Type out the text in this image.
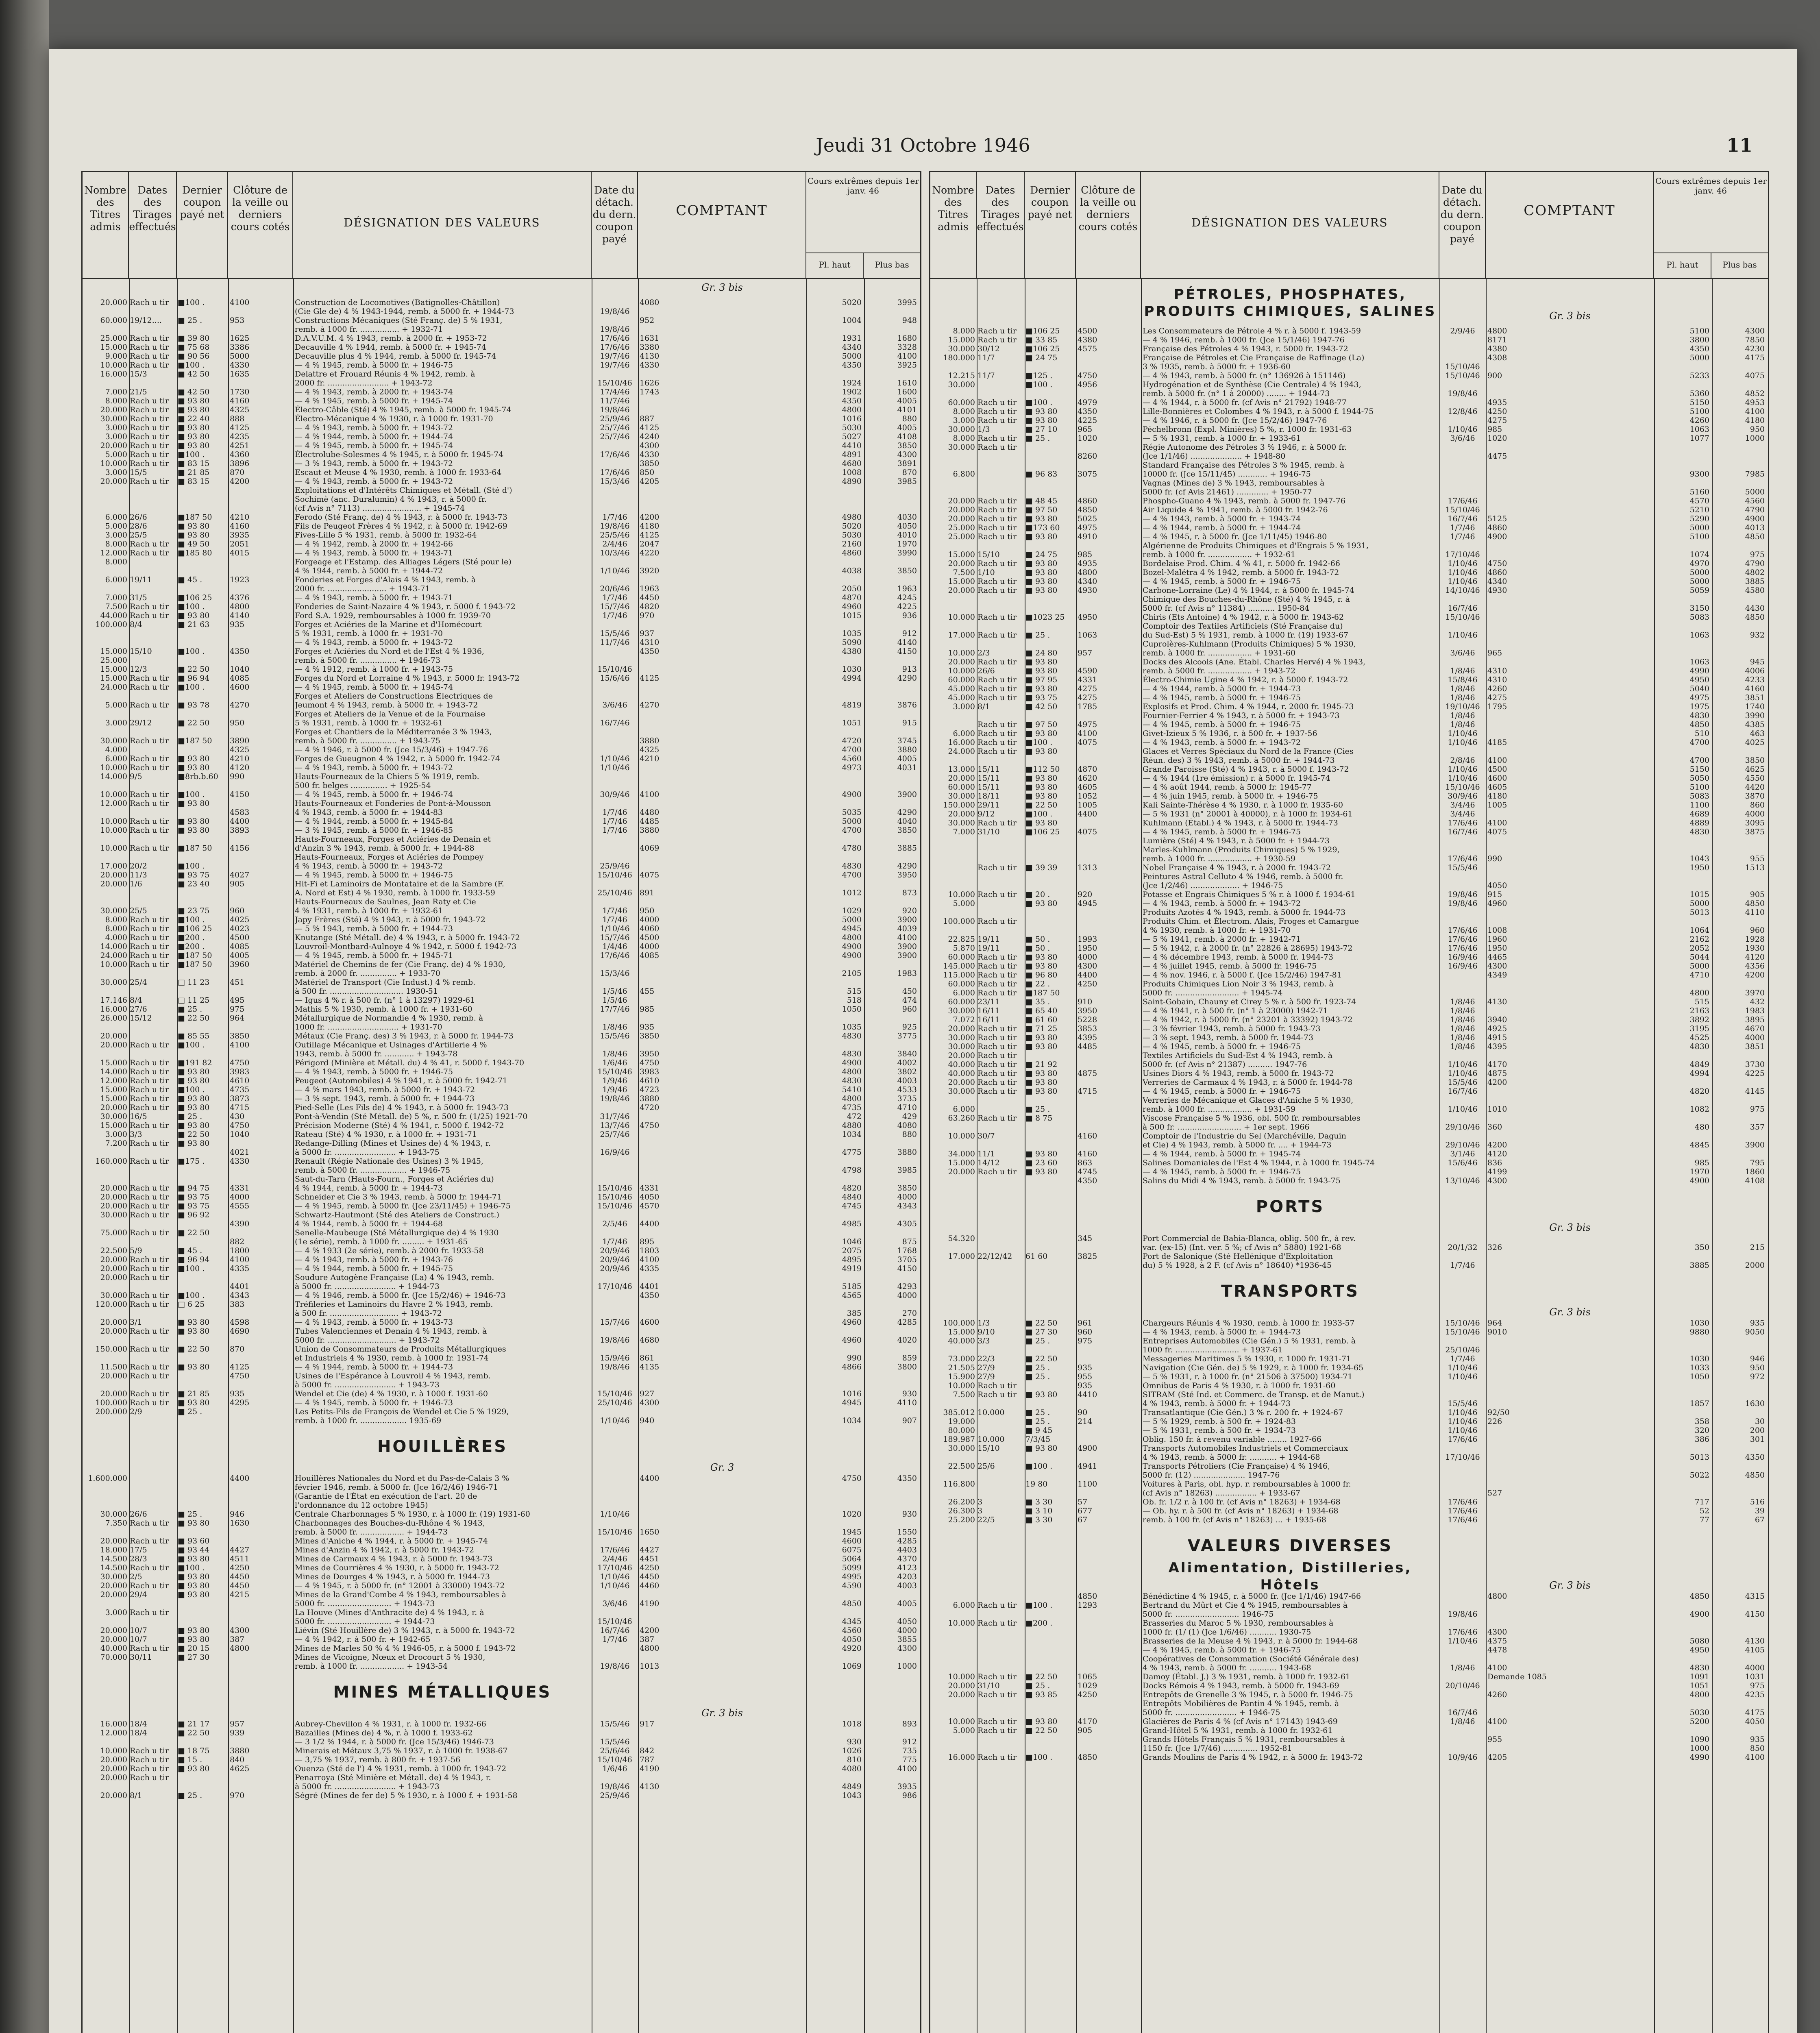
Jeudi 31 Octobre 1946	11
Nombre des Titres admis
Dates des Tirages effectués
Dernier coupon payé net
Clôture de la veille ou derniers cours cotés	DÉSIGNATION DES VALEURS
Date du détach. du dern. coupon payé
COMPTANT
Cours extrêmes depuis 1er janv. 46
Pl. haut	Plus bas
Gr. 3 bis
20.000 Rach u tir	■100 .	4100	Construction de Locomotives (Batignolles-Châtillon)	4080	5020	3995
(Cie Gle de) 4 % 1943-1944, remb. à 5000 fr. + 1944-73	19/8/46
60.000 19/12....	■ 25 .	953	Constructions Mécaniques (Sté Franç. de) 5 % 1931,	952	1004	948
remb. à 1000 fr. ................ + 1932-71	19/8/46
25.000 Rach u tir	■ 39 80	1625	D.A.V.U.M. 4 % 1943, remb. à 2000 fr. + 1953-72	17/6/46	1631	1931	1680
15.000 Rach u tir	■ 75 68	3386	Decauville 4 % 1944, remb. à 5000 fr. + 1945-74	17/6/46	3380	4340	3328
9.000 Rach u tir	■ 90 56	5000	Decauville plus 4 % 1944, remb. à 5000 fr. 1945-74	19/7/46	4130	5000	4100
10.000 Rach u tir	■100 .	4330	— 4 % 1945, remb. à 5000 fr. + 1946-75	19/7/46	4330	4350	3925
16.000 15/3	■ 42 50	1635	Delattre et Frouard Réunis 4 % 1942, remb. à
2000 fr. ......................... + 1943-72	15/10/46 1626	1924	1610
7.000 21/5	■ 42 50	1730	— 4 % 1943, remb. à 2000 fr. + 1943-74	17/4/46	1743	1902	1600
8.000 Rach u tir	■ 93 80	4160	— 4 % 1945, remb. à 5000 fr. + 1945-74	11/7/46	4350	4005
20.000 Rach u tir	■ 93 80	4325	Électro-Câble (Sté) 4 % 1945, remb. à 5000 fr. 1945-74	19/8/46	4800	4101
30.000 Rach u tir	■ 22 40	888	Électro-Mécanique 4 % 1930, r. à 1000 fr. 1931-70	25/9/46	887	1016	880
3.000 Rach u tir	■ 93 80	4125	— 4 % 1943, remb. à 5000 fr. + 1943-72	25/7/46	4125	5030	4005
3.000 Rach u tir	■ 93 80	4235	— 4 % 1944, remb. à 5000 fr. + 1944-74	25/7/46	4240	5027	4108
20.000 Rach u tir	■ 93 80	4251	— 4 % 1945, remb. à 5000 fr. + 1945-74	4300	4410	3850
5.000 Rach u tir	■100 .	4360	Électrolube-Solesmes 4 % 1945, r. à 5000 fr. 1945-74	17/6/46	4330	4891	4300
10.000 Rach u tir	■ 83 15	3896	— 3 % 1943, remb. à 5000 fr. + 1943-72	3850	4680	3891
3.000 15/5	■ 21 85	870	Escaut et Meuse 4 % 1930, remb. à 1000 fr. 1933-64	17/6/46	850	1008	870
20.000 Rach u tir	■ 83 15	4200	— 4 % 1943, remb. à 5000 fr. + 1943-72	15/3/46	4205	4890	3985
Exploitations et d'Intérêts Chimiques et Métall. (Sté d')
Sochimè (anc. Duralumin) 4 % 1943, r. à 5000 fr.
(cf Avis n° 7113) ........................ + 1945-74
6.000 26/6	■187 50	4210	Ferodo (Sté Franç. de) 4 % 1943, r. à 5000 fr. 1943-73	1/7/46	4200	4980	4030
5.000 28/6	■ 93 80	4160	Fils de Peugeot Frères 4 % 1942, r. à 5000 fr. 1942-69	19/8/46	4180	5020	4050
3.000 25/5	■ 93 80	3935	Fives-Lille 5 % 1931, remb. à 5000 fr. 1932-64	25/5/46	4125	5030	4010
8.000 Rach u tir	■ 49 50	2051	— 4 % 1942, remb. à 2000 fr. + 1942-66	2/4/46	2047	2160	1970
12.000 Rach u tir	■185 80	4015	— 4 % 1943, remb. à 5000 fr. + 1943-71	10/3/46	4220	4860	3990
8.000	Forgeage et l'Estamp. des Alliages Légers (Sté pour le)
4 % 1944, remb. à 5000 fr. + 1944-72	1/10/46	3920	4038	3850
6.000 19/11	■ 45 .	1923	Fonderies et Forges d'Alais 4 % 1943, remb. à
2000 fr. ........................ + 1943-71	20/6/46	1963	2050	1963
7.000 31/5	■106 25	4376	— 4 % 1943, remb. à 5000 fr. + 1943-71	1/7/46	4450	4870	4245
7.500 Rach u tir	■100 .	4800	Fonderies de Saint-Nazaire 4 % 1943, r. 5000 f. 1943-72	15/7/46	4820	4960	4225
44.000 Rach u tir	■ 93 80	4140	Ford S.A. 1929, remboursables à 1000 fr. 1939-70	1/7/46	970	1015	936
100.000 8/4	■ 21 63	935	Forges et Aciéries de la Marine et d'Homécourt
5 % 1931, remb. à 1000 fr. + 1931-70	15/5/46	937	1035	912
— 4 % 1943, remb. à 5000 fr. + 1943-72	11/7/46	4310	5090	4140
15.000 15/10	■100 .	4350	Forges et Aciéries du Nord et de l'Est 4 % 1936,	4350	4380	4150
25.000	remb. à 5000 fr. ............... + 1946-73
15.000 12/3	■ 22 50	1040	— 4 % 1912, remb. à 1000 fr. + 1943-75	15/10/46	1030	913
15.000 Rach u tir	■ 96 94	4085	Forges du Nord et Lorraine 4 % 1943, r. 5000 fr. 1943-72	15/6/46	4125	4994	4290
24.000 Rach u tir	■100 .	4600	— 4 % 1945, remb. à 5000 fr. + 1945-74
Forges et Ateliers de Constructions Électriques de
5.000 Rach u tir	■ 93 78	4270	Jeumont 4 % 1943, remb. à 5000 fr. + 1943-72	3/6/46	4270	4819	3876
Forges et Ateliers de la Venue et de la Fournaise
3.000 29/12	■ 22 50	950	5 % 1931, remb. à 1000 fr. + 1932-61	16/7/46	1051	915
Forges et Chantiers de la Méditerranée 3 % 1943,
30.000 Rach u tir	■187 50	3890	remb. à 5000 fr. ............... + 1943-75	3880	4720	3745
4.000	4325	— 4 % 1946, r. à 5000 fr. (Jce 15/3/46) + 1947-76	4325	4700	3880
6.000 Rach u tir	■ 93 80	4210	Forges de Gueugnon 4 % 1942, r. à 5000 fr. 1942-74	1/10/46	4210	4560	4005
10.000 Rach u tir	■ 93 80	4120	— 4 % 1943, remb. à 5000 fr. + 1943-72	1/10/46	4973	4031
14.000 9/5	■8rb.b.60	990	Hauts-Fourneaux de la Chiers 5 % 1919, remb.
500 fr. belges ............... + 1925-54
10.000 Rach u tir	■100 .	4150	— 4 % 1945, remb. à 5000 fr. + 1946-74	30/9/46	4100	4900	3900
12.000 Rach u tir	■ 93 80	Hauts-Fourneaux et Fonderies de Pont-à-Mousson
4583	4 % 1943, remb. à 5000 fr. + 1944-83	1/7/46	4480	5035	4290
10.000 Rach u tir	■ 93 80	4400	— 4 % 1944, remb. à 5000 fr. + 1945-84	1/7/46	4485	5000	4040
10.000 Rach u tir	■ 93 80	3893	— 3 % 1945, remb. à 5000 fr. + 1946-85	1/7/46	3880	4700	3850
Hauts-Fourneaux, Forges et Aciéries de Denain et
10.000 Rach u tir	■187 50	4156	d'Anzin 3 % 1943, remb. à 5000 fr. + 1944-88	4069	4780	3885
Hauts-Fourneaux, Forges et Aciéries de Pompey
17.000 20/2	■100 .	4 % 1943, remb. à 5000 fr. + 1943-72	25/9/46	4830	4290
20.000 11/3	■ 93 75	4027	— 4 % 1945, remb. à 5000 fr. + 1946-75	15/10/46 4075	4700	3950
20.000 1/6	■ 23 40	905	Hit-Fi et Laminoirs de Montataire et de la Sambre (F.
A. Nord et Est) 4 % 1930, remb. à 1000 fr. 1933-59	25/10/46 891	1012	873
Hauts-Fourneaux de Saulnes, Jean Raty et Cie
30.000 25/5	■ 23 75	960	4 % 1931, remb. à 1000 fr. + 1932-61	1/7/46	950	1029	920
8.000 Rach u tir	■100 .	4025	Japy Frères (Sté) 4 % 1943, r. à 5000 fr. 1943-72	1/7/46	4000	5000	3900
8.000 Rach u tir	■106 25	4023	— 5 % 1943, remb. à 5000 fr. + 1944-73	1/10/46	4060	4945	4039
4.000 Rach u tir	■200 .	4500	Knutange (Sté Métall. de) 4 % 1943, r. à 5000 fr. 1943-72	15/7/46	4500	4800	4100
14.000 Rach u tir	■200 .	4085	Louvroil-Montbard-Aulnoye 4 % 1942, r. 5000 f. 1942-73	1/4/46	4000	4900	3900
24.000 Rach u tir	■187 50	4005	— 4 % 1945, remb. à 5000 fr. + 1945-71	17/6/46	4085	4900	3900
10.000 Rach u tir	■187 50	3960	Matériel de Chemins de fer (Cie Franç. de) 4 % 1930,
remb. à 2000 fr. ............... + 1933-70	15/3/46	2105	1983
30.000 25/4	□ 11 23	451	Matériel de Transport (Cie Indust.) 4 % remb.
à 500 fr. .............................. 1930-51	1/5/46	455	515	450
17.146 8/4	□ 11 25	495	— Igus 4 % r. à 500 fr. (n° 1 à 13297) 1929-61	1/5/46	518	474
16.000 27/6	■ 25 .	975	Mathis 5 % 1930, remb. à 1000 fr. + 1931-60	17/7/46	985	1050	960
26.000 15/12	■ 22 50	964	Métallurgique de Normandie 4 % 1930, remb. à
1000 fr. ............................. + 1931-70	1/8/46	935	1035	925
20.000	■ 85 55	3850	Métaux (Cie Franç. des) 3 % 1943, r. à 5000 fr. 1944-73	15/5/46	3850	4830	3775
20.000 Rach u tir	■100 .	4100	Outillage Mécanique et Usinages d'Artillerie 4 %
1943, remb. à 5000 fr. ............ + 1943-78	1/8/46	3950	4830	3840
15.000 Rach u tir	■191 82	4750	Périgord (Minière et Métall. du) 4 % 41, r. 5000 f. 1943-70	1/6/46	4750	4900	4002
14.000 Rach u tir	■ 93 80	3983	— 4 % 1943, remb. à 5000 fr. + 1946-75	15/10/46 3983	4800	3802
12.000 Rach u tir	■ 93 80	4610	Peugeot (Automobiles) 4 % 1941, r. à 5000 fr. 1942-71	1/9/46	4610	4830	4003
15.000 Rach u tir	■100 .	4735	— 4 % mars 1943, remb. à 5000 fr. + 1943-72	1/9/46	4723	5410	4533
15.000 Rach u tir	■ 93 80	3873	— 3 % sept. 1943, remb. à 5000 fr. + 1944-73	19/8/46	3880	4800	3735
20.000 Rach u tir	■ 93 80	4715	Pied-Selle (Les Fils de) 4 % 1943, r. à 5000 fr. 1943-73	4720	4735	4710
30.000 16/5	■ 25 .	430	Pont-à-Vendin (Sté Métall. de) 5 %, r. 500 fr. (1/25) 1921-70	31/7/46	472	429
15.000 Rach u tir	■ 93 80	4750	Précision Moderne (Sté) 4 % 1941, r. 5000 f. 1942-72	13/7/46	4750	4880	4080
3.000 3/3	■ 22 50	1040	Rateau (Sté) 4 % 1930, r. à 1000 fr. + 1931-71	25/7/46	1034	880
7.200 Rach u tir	■ 93 80	Redange-Dilling (Mines et Usines de) 4 % 1943, r.
4021	à 5000 fr. ......................... + 1943-75	16/9/46	4775	3880
160.000 Rach u tir	■175 .	4330	Renault (Régie Nationale des Usines) 3 % 1945,
remb. à 5000 fr. ................... + 1946-75	4798	3985
Saut-du-Tarn (Hauts-Fourn., Forges et Aciéries du)
20.000 Rach u tir	■ 94 75	4331	4 % 1944, remb. à 5000 fr. + 1944-73	15/10/46 4331	4820	3850
20.000 Rach u tir	■ 93 75	4000	Schneider et Cie 3 % 1943, remb. à 5000 fr. 1944-71	15/10/46 4050	4840	4000
20.000 Rach u tir	■ 93 75	4555	— 4 % 1945, remb. à 5000 fr. (Jce 23/11/45) + 1946-75	15/10/46 4570	4745	4343
30.000 Rach u tir	■ 96 92	Schwartz-Hautmont (Sté des Ateliers de Construct.)
4390	4 % 1944, remb. à 5000 fr. + 1944-68	2/5/46	4400	4985	4305
75.000 Rach u tir	■ 22 50	Senelle-Maubeuge (Sté Métallurgique de) 4 % 1930
882	(1e série), remb. à 1000 fr. ......... + 1931-65	1/7/46	895	1046	875
22.500 5/9	■ 45 .	1800	— 4 % 1933 (2e série), remb. à 2000 fr. 1933-58	20/9/46	1803	2075	1768
20.000 Rach u tir	■ 96 94	4100	— 4 % 1943, remb. à 5000 fr. + 1943-76	20/9/46	4100	4895	3705
20.000 Rach u tir	■100 .	4335	— 4 % 1944, remb. à 5000 fr. + 1945-75	20/9/46	4335	4919	4150
20.000 Rach u tir	Soudure Autogène Française (La) 4 % 1943, remb.
4401	à 5000 fr. ......................... + 1944-73	17/10/46 4401	5185	4293
30.000 Rach u tir	■100 .	4343	— 4 % 1946, remb. à 5000 fr. (Jce 15/2/46) + 1946-73	4350	4565	4000
120.000 Rach u tir	□ 6 25	383	Tréfileries et Laminoirs du Havre 2 % 1943, remb.
à 500 fr. ............................ + 1943-72	385	270
20.000 3/1	■ 93 80	4598	— 4 % 1943, remb. à 5000 fr. + 1943-73	15/7/46	4600	4960	4285
20.000 Rach u tir	■ 93 80	4690	Tubes Valenciennes et Denain 4 % 1943, remb. à
5000 fr. ............................ + 1943-72	19/8/46	4680	4960	4020
150.000 Rach u tir	■ 22 50	870	Union de Consommateurs de Produits Métallurgiques
et Industriels 4 % 1930, remb. à 1000 fr. 1931-74	15/9/46	861	990	859
11.500 Rach u tir	■ 93 80	4125	— 4 % 1944, remb. à 5000 fr. + 1944-73	19/8/46	4135	4866	3800
20.000 Rach u tir	4750	Usines de l'Espérance à Louvroil 4 % 1943, remb.
à 5000 fr. ......................... + 1943-73
20.000 Rach u tir	■ 21 85	935	Wendel et Cie (de) 4 % 1930, r. à 1000 f. 1931-60	15/10/46 927	1016	930
100.000 Rach u tir	■ 93 80	4295	— 4 % 1945, remb. à 5000 fr. + 1946-73	25/10/46 4300	4945	4110
200.000 2/9	■ 25 .	Les Petits-Fils de François de Wendel et Cie 5 % 1929,
remb. à 1000 fr. ................... 1935-69	1/10/46	940	1034	907
HOUILLÈRES
Gr. 3
1.600.000	4400	Houillères Nationales du Nord et du Pas-de-Calais 3 %	4400	4750	4350
février 1946, remb. à 5000 fr. (Jce 16/2/46) 1946-71
(Garantie de l'État en exécution de l'art. 20 de
l'ordonnance du 12 octobre 1945)
30.000 26/6	■ 25 .	946	Centrale Charbonnages 5 % 1930, r. à 1000 fr. (19) 1931-60	1/10/46	1020	930
7.350 Rach u tir	■ 93 80	1630	Charbonnages des Bouches-du-Rhône 4 % 1943,
remb. à 5000 fr. .................. + 1944-73	15/10/46 1650	1945	1550
20.000 Rach u tir	■ 93 60	Mines d'Aniche 4 % 1944, r. à 5000 fr. + 1945-74	4600	4285
18.000 17/5	■ 93 44	4427	Mines d'Anzin 4 % 1942, r. à 5000 fr. 1943-72	17/6/46	4427	6075	4403
14.500 28/3	■ 93 80	4511	Mines de Carmaux 4 % 1943, r. à 5000 fr. 1943-73	2/4/46	4451	5064	4370
14.500 Rach u tir	■100 .	4250	Mines de Courrières 4 % 1930, r. à 5000 fr. 1943-72	17/10/46 4250	5099	4123
30.000 2/5	■ 93 80	4450	Mines de Dourges 4 % 1943, r. à 5000 fr. 1944-73	1/10/46	4450	4995	4203
20.000 Rach u tir	■ 93 80	4450	— 4 % 1945, r. à 5000 fr. (n° 12001 à 33000) 1943-72	1/10/46	4460	4590	4003
20.000 29/4	■ 93 80	4215	Mines de la Grand'Combe 4 % 1943, remboursables à
5000 fr. .......................... + 1943-73	3/6/46	4190	4850	4005
3.000 Rach u tir	La Houve (Mines d'Anthracite de) 4 % 1943, r. à
5000 fr. .......................... + 1944-73	15/10/46	4345	4050
20.000 10/7	■ 93 80	4300	Liévin (Sté Houillère de) 3 % 1943, r. à 5000 fr. 1943-72	16/7/46	4200	4560	4000
20.000 10/7	■ 93 80	387	— 4 % 1942, r. à 500 fr. + 1942-65	1/7/46	387	4050	3855
40.000 Rach u tir	■ 20 15	4800	Mines de Marles 50 % 4 % 1946-05, r. à 5000 f. 1943-72	4800	4920	4300
70.000 30/11	■ 27 30	Mines de Vicoigne, Nœux et Drocourt 5 % 1930,
remb. à 1000 fr. .................. + 1943-54	19/8/46	1013	1069	1000
MINES MÉTALLIQUES
Gr. 3 bis
16.000 18/4	■ 21 17	957	Aubrey-Chevillon 4 % 1931, r. à 1000 fr. 1932-66	15/5/46	917	1018	893
12.000 18/4	■ 22 50	939	Bazailles (Mines de) 4 %, r. à 1000 f. 1933-62
— 3 1/2 % 1944, r. à 5000 fr. (Jce 15/3/46) 1946-73	15/5/46	930	912
10.000 Rach u tir	■ 18 75	3880	Minerais et Métaux 3,75 % 1937, r. à 1000 fr. 1938-67	25/6/46	842	1026	735
20.000 Rach u tir	■ 15 .	840	— 3,75 % 1937, remb. à 800 fr. + 1937-56	15/10/46 787	810	775
20.000 Rach u tir	■ 93 80	4625	Ouenza (Sté de l') 4 % 1931, remb. à 1000 fr. 1943-72	1/6/46	4190	4080	4100
20.000 Rach u tir	Penarroya (Sté Minière et Métall. de) 4 % 1943, r.
à 5000 fr. ......................... + 1943-73	19/8/46	4130	4849	3935
20.000 8/1	■ 25 .	970	Ségré (Mines de fer de) 5 % 1930, r. à 1000 f. + 1931-58	25/9/46	1043	986
Nombre des Titres admis
Dates des Tirages effectués
Dernier coupon payé net
Clôture de la veille ou derniers cours cotés	DÉSIGNATION DES VALEURS
Date du détach. du dern. coupon payé
COMPTANT
Cours extrêmes depuis 1er janv. 46
Pl. haut	Plus bas
PÉTROLES, PHOSPHATES, PRODUITS CHIMIQUES, SALINES	Gr. 3 bis
8.000 Rach u tir	■106 25	4500	Les Consommateurs de Pétrole 4 % r. à 5000 f. 1943-59	2/9/46	4800	5100	4300
15.000 Rach u tir	■ 33 85	4380	— 4 % 1946, remb. à 1000 fr. (Jce 15/1/46) 1947-76	8171	3800	7850
30.000 30/12	■106 25	4575	Française des Pétroles 4 % 1943, r. 5000 fr. 1943-72	4380	4350	4230
180.000 11/7	■ 24 75	Française de Pétroles et Cie Française de Raffinage (La)	4308	5000	4175
3 % 1935, remb. à 5000 fr. + 1936-60	15/10/46
12.215 11/7	■125 .	4750	— 4 % 1943, remb. à 5000 fr. (n° 136926 à 151146)	15/10/46 900	5233	4075
30.000	■100 .	4956	Hydrogénation et de Synthèse (Cie Centrale) 4 % 1943,
remb. à 5000 fr. (n° 1 à 20000) ........ + 1944-73	19/8/46	5360	4852
60.000 Rach u tir	■100 .	4979	— 4 % 1944, r. à 5000 fr. (cf Avis n° 21792) 1948-77	4935	5150	4953
8.000 Rach u tir	■ 93 80	4350	Lille-Bonnières et Colombes 4 % 1943, r. à 5000 f. 1944-75	12/8/46	4250	5100	4100
3.000 Rach u tir	■ 93 80	4225	— 4 % 1946, r. à 5000 fr. (Jce 15/2/46) 1947-76	4275	4260	4180
30.000 1/3	■ 27 10	965	Péchelbronn (Expl. Minières) 5 %, r. 1000 fr. 1931-63	1/10/46	985	1063	950
8.000 Rach u tir	■ 25 .	1020	— 5 % 1931, remb. à 1000 fr. + 1933-61	3/6/46	1020	1077	1000
30.000 Rach u tir	Régie Autonome des Pétroles 3 % 1946, r. à 5000 fr.
8260	(Jce 1/1/46) ..................... + 1948-80	4475
Standard Française des Pétroles 3 % 1945, remb. à
6.800	■ 96 83	3075	10000 fr. (Jce 15/11/45) ............ + 1946-75	9300	7985
Vagnas (Mines de) 3 % 1943, remboursables à
5000 fr. (cf Avis 21461) ............. + 1950-77	5160	5000
20.000 Rach u tir	■ 48 45	4860	Phospho-Guano 4 % 1943, remb. à 5000 fr. 1947-76	17/6/46	4570	4560
20.000 Rach u tir	■ 97 50	4850	Air Liquide 4 % 1941, remb. à 5000 fr. 1942-76	15/10/46	5210	4790
20.000 Rach u tir	■ 93 80	5025	— 4 % 1943, remb. à 5000 fr. + 1943-74	16/7/46	5125	5290	4900
25.000 Rach u tir	■173 60	4975	— 4 % 1944, remb. à 5000 fr. + 1944-74	1/7/46	4860	5000	4013
25.000 Rach u tir	■ 93 80	4910	— 4 % 1945, r. à 5000 fr. (Jce 1/11/45) 1946-80	1/7/46	4900	5100	4850
Algérienne de Produits Chimiques et d'Engrais 5 % 1931,
15.000 15/10	■ 24 75	985	remb. à 1000 fr. .................. + 1932-61	17/10/46	1074	975
20.000 Rach u tir	■ 93 80	4935	Bordelaise Prod. Chim. 4 % 41, r. 5000 fr. 1942-66	1/10/46	4750	4970	4790
7.500 1/10	■ 93 80	4800	Bozel-Malétra 4 % 1942, remb. à 5000 fr. 1943-72	1/10/46	4860	5000	4802
15.000 Rach u tir	■ 93 80	4340	— 4 % 1945, remb. à 5000 fr. + 1946-75	1/10/46	4340	5000	3885
20.000 Rach u tir	■ 93 80	4930	Carbone-Lorraine (Le) 4 % 1944, r. à 5000 fr. 1945-74	14/10/46 4930	5059	4580
Chimique des Bouches-du-Rhône (Sté) 4 % 1945, r. à
5000 fr. (cf Avis n° 11384) ........... 1950-84	16/7/46	3150	4430
10.000 Rach u tir	■1023 25	4950	Chiris (Ets Antoine) 4 % 1942, r. à 5000 fr. 1943-62	15/10/46	5083	4850
Comptoir des Textiles Artificiels (Sté Française du)
17.000 Rach u tir	■ 25 .	1063	du Sud-Est) 5 % 1931, remb. à 1000 fr. (19) 1933-67	1/10/46	1063	932
Cuprolères-Kuhlmann (Produits Chimiques) 5 % 1930,
10.000 2/3	■ 24 80	957	remb. à 1000 fr. .................. + 1931-60	3/6/46	965
20.000 Rach u tir	■ 93 80	Docks des Alcools (Ane. Établ. Charles Hervé) 4 % 1943,	1063	945
10.000 26/6	■ 93 80	4590	remb. à 5000 fr. .................. + 1943-72	1/8/46	4310	4990	4006
60.000 Rach u tir	■ 97 95	4331	Électro-Chimie Ugine 4 % 1942, r. à 5000 f. 1943-72	15/8/46	4310	4950	4233
45.000 Rach u tir	■ 93 80	4275	— 4 % 1944, remb. à 5000 fr. + 1944-73	1/8/46	4260	5040	4160
45.000 Rach u tir	■ 93 75	4275	— 4 % 1945, remb. à 5000 fr. + 1946-75	1/8/46	4275	4975	3851
3.000 8/1	■ 42 50	1785	Explosifs et Prod. Chim. 4 % 1944, r. 2000 fr. 1945-73	19/10/46 1795	1975	1740
Fournier-Ferrier 4 % 1943, r. à 5000 fr. + 1943-73	1/8/46	4830	3990
Rach u tir	■ 97 50	4975	— 4 % 1945, remb. à 5000 fr. + 1946-75	1/8/46	4850	4385
6.000 Rach u tir	■ 93 80	4100	Givet-Izieux 5 % 1936, r. à 500 fr. + 1937-56	1/10/46	510	463
16.000 Rach u tir	■100 .	4075	— 4 % 1943, remb. à 5000 fr. + 1943-72	1/10/46	4185	4700	4025
24.000 Rach u tir	■ 93 80	Glaces et Verres Spéciaux du Nord de la France (Cies
Réun. des) 3 % 1943, remb. à 5000 fr. + 1944-73	2/8/46	4100	4700	3850
13.000 15/11	■112 50	4870	Grande Paroisse (Sté) 4 % 1943, r. à 5000 f. 1943-72	1/10/46	4500	5150	4625
20.000 15/11	■ 93 80	4620	— 4 % 1944 (1re émission) r. à 5000 fr. 1945-74	1/10/46	4600	5050	4550
60.000 15/11	■ 93 80	4605	— 4 % août 1944, remb. à 5000 fr. 1945-77	15/10/46 4605	5100	4420
30.000 18/11	■ 93 80	1052	— 4 % juin 1945, remb. à 5000 fr. + 1946-75	30/9/46	4180	5083	3870
150.000 29/11	■ 22 50	1005	Kali Sainte-Thérèse 4 % 1930, r. à 1000 fr. 1935-60	3/4/46	1005	1100	860
20.000 9/12	■100 .	4400	— 5 % 1931 (n° 20001 à 40000), r. à 1000 fr. 1934-61	3/4/46	4689	4000
30.000 Rach u tir	■ 93 80	Kuhlmann (Établ.) 4 % 1943, r. à 5000 fr. 1944-73	17/6/46	4100	4889	3095
7.000 31/10	■106 25	4075	— 4 % 1945, remb. à 5000 fr. + 1946-75	16/7/46	4075	4830	3875
Lumière (Sté) 4 % 1943, r. à 5000 fr. + 1944-73
Marles-Kuhlmann (Produits Chimiques) 5 % 1929,
remb. à 1000 fr. .................. + 1930-59	17/6/46	990	1043	955
Rach u tir	■ 39 39	1313	Nobel Française 4 % 1943, r. à 2000 fr. 1943-72	15/5/46	1950	1513
Peintures Astral Celluto 4 % 1946, remb. à 5000 fr.
(Jce 1/2/46) .................... + 1946-75	4050
10.000 Rach u tir	■ 20 .	920	Potasse et Engrais Chimiques 5 % r. à 1000 f. 1934-61	19/8/46	915	1015	905
5.000	■ 93 80	4945	— 4 % 1943, remb. à 5000 fr. + 1943-72	19/8/46	4960	5000	4850
Produits Azotés 4 % 1943, remb. à 5000 fr. 1944-73	5013	4110
100.000 Rach u tir	Produits Chim. et Électrom. Alais, Froges et Camargue
4 % 1930, remb. à 1000 fr. + 1931-70	17/6/46	1008	1064	960
22.825 19/11	■ 50 .	1993	— 5 % 1941, remb. à 2000 fr. + 1942-71	17/6/46	1960	2162	1928
5.870 19/11	■ 50 .	1950	— 5 % 1942, r. à 2000 fr. (n° 22826 à 28695) 1943-72	17/6/46	1950	2052	1930
60.000 Rach u tir	■ 93 80	4000	— 4 % décembre 1943, remb. à 5000 fr. 1944-73	16/9/46	4465	5044	4120
145.000 Rach u tir	■ 93 80	4300	— 4 % juillet 1945, remb. à 5000 fr. 1946-75	16/9/46	4300	5000	4356
115.000 Rach u tir	■ 96 80	4400	— 4 % nov. 1946, r. à 5000 f. (Jce 15/2/46) 1947-81	4349	4710	4200
60.000 Rach u tir	■ 22 .	4250	Produits Chimiques Lion Noir 3 % 1943, remb. à
6.000 Rach u tir	■187 50	5000 fr. .......................... + 1945-74	4800	3970
60.000 23/11	■ 35 .	910	Saint-Gobain, Chauny et Cirey 5 % r. à 500 fr. 1923-74	1/8/46	4130	515	432
30.000 16/11	■ 65 40	3950	— 4 % 1941, r. à 500 fr. (n° 1 à 23000) 1942-71	1/8/46	2163	1983
7.072 16/11	■ 61 60	5228	— 4 % 1942, r. à 5000 fr. (n° 23201 à 33392) 1943-72	1/8/46	3940	3892	3895
20.000 Rach u tir	■ 71 25	3853	— 3 % février 1943, remb. à 5000 fr. 1943-73	1/8/46	4925	3195	4670
30.000 Rach u tir	■ 93 80	4395	— 3 % sept. 1943, remb. à 5000 fr. 1944-73	1/8/46	4915	4525	4000
30.000 Rach u tir	■ 93 80	4485	— 4 % 1945, remb. à 5000 fr. + 1946-75	1/8/46	4395	4830	3851
20.000 Rach u tir	Textiles Artificiels du Sud-Est 4 % 1943, remb. à
40.000 Rach u tir	■ 21 92	5000 fr. (cf Avis n° 21387) .......... 1947-76	1/10/46	4170	4849	3730
40.000 Rach u tir	■ 93 80	4875	Usines Diors 4 % 1943, remb. à 5000 fr. 1943-72	1/10/46	4875	4994	4225
20.000 Rach u tir	■ 93 80	Verreries de Carmaux 4 % 1943, r. à 5000 fr. 1944-78	15/5/46	4200
30.000 Rach u tir	■ 93 80	4715	— 4 % 1945, remb. à 5000 fr. + 1946-75	16/7/46	4820	4145
Verreries de Mécanique et Glaces d'Aniche 5 % 1930,
6.000	■ 25 .	remb. à 1000 fr. .................. + 1931-59	1/10/46	1010	1082	975
63.260 Rach u tir	■ 8 75	Viscose Française 5 % 1936, obl. 500 fr. remboursables
à 500 fr. .......................... + 1er sept. 1966	29/10/46 360	480	357
10.000 30/7	4160	Comptoir de l'Industrie du Sel (Marchéville, Daguin
et Cie) 4 % 1943, remb. à 5000 fr. .... + 1944-73	29/10/46 4200	4845	3900
34.000 11/1	■ 93 80	4160	— 4 % 1944, remb. à 5000 fr. + 1945-74	3/1/46	4120
15.000 14/12	■ 23 60	863	Salines Domaniales de l'Est 4 % 1944, r. à 1000 fr. 1945-74	15/6/46	836	985	795
20.000 Rach u tir	■ 93 80	4745	— 4 % 1945, remb. à 5000 fr. + 1946-75	4199	1970	1860
4350	Salins du Midi 4 % 1943, remb. à 5000 fr. 1943-75	13/10/46 4300	4900	4108
PORTS
Gr. 3 bis
54.320	345	Port Commercial de Bahia-Blanca, oblig. 500 fr., à rev.
var. (ex-15) (Int. ver. 5 %; cf Avis n° 5880) 1921-68	20/1/32	326	350	215
17.000 22/12/42	61 60	3825	Port de Salonique (Sté Hellénique d'Exploitation
du) 5 % 1928, à 2 F. (cf Avis n° 18640) *1936-45	1/7/46	3885	2000
TRANSPORTS
Gr. 3 bis
100.000 1/3	■ 22 50	961	Chargeurs Réunis 4 % 1930, remb. à 1000 fr. 1933-57	15/10/46 964	1030	935
15.000 9/10	■ 27 30	960	— 4 % 1943, remb. à 5000 fr. + 1944-73	15/10/46 9010	9880	9050
40.000 3/3	■ 25 .	975	Entreprises Automobiles (Cie Gén.) 5 % 1931, remb. à
1000 fr. .......................... + 1937-61	25/10/46
73.000 22/3	■ 22 50	Messageries Maritimes 5 % 1930, r. 1000 fr. 1931-71	1/7/46	1030	946
21.505 27/9	■ 25 .	935	Navigation (Cie Gén. de) 5 % 1929, r. à 1000 fr. 1934-65	1/10/46	1033	950
15.900 27/9	■ 25 .	955	— 5 % 1931, r. à 1000 fr. (n° 21506 à 37500) 1934-71	1/10/46	1050	972
10.000 Rach u tir	935	Omnibus de Paris 4 % 1930, r. à 1000 fr. 1931-60
7.500 Rach u tir	■ 93 80	4410	SITRAM (Sté Ind. et Commerc. de Transp. et de Manut.)
4 % 1943, remb. à 5000 fr. + 1944-73	15/5/46	1857	1630
385.012 10.000	■ 25 .	90	Transatlantique (Cie Gén.) 3 % r. 200 fr. + 1924-67	1/10/46	92/50
19.000	■ 25 .	214	— 5 % 1929, remb. à 500 fr. + 1924-83	1/10/46	226	358	30
80.000	■ 9 45	— 5 % 1931, remb. à 500 fr. + 1934-73	1/10/46	320	200
189.987 10.000	7/3/45	Oblig. 150 fr. à revenu variable ........ 1927-66	17/6/46	386	301
30.000 15/10	■ 93 80	4900	Transports Automobiles Industriels et Commerciaux
4 % 1943, remb. à 5000 fr. ........... + 1944-68	17/10/46	5013	4350
22.500 25/6	■100 .	4941	Transports Pétroliers (Cie Française) 4 % 1946,
5000 fr. (12) ..................... 1947-76	5022	4850
116.800	19 80	1100	Voitures à Paris, obl. hyp. r. remboursables à 1000 fr.
(cf Avis n° 18263) ................. + 1933-67	527
26.200 3	■ 3 30	57	Ob. fr. 1/2 r. à 100 fr. (cf Avis n° 18263) + 1934-68	17/6/46	717	516
26.300 3	■ 3 10	677	— Ob. hy. r. à 500 fr. (cf Avis n° 18263) + 1934-68	17/6/46	52	39
25.200 22/5	■ 3 30	67	remb. à 100 fr. (cf Avis n° 18263) ... + 1935-68	17/6/46	77	67
VALEURS DIVERSES
Alimentation, Distilleries, Hôtels	Gr. 3 bis
4850	Bénédictine 4 % 1945, r. à 5000 fr. (Jce 1/1/46) 1947-66	4800	4850	4315
6.000 Rach u tir	■100 .	1293	Bertrand du Mûrt et Cie 4 % 1945, remboursables à
5000 fr. .......................... 1946-75	19/8/46	4900	4150
10.000 Rach u tir	■200 .	Brasseries du Maroc 5 % 1930, remboursables à
1000 fr. (1/ (1) (Jce 1/6/46) ........... 1930-75	17/6/46	4300
Brasseries de la Meuse 4 % 1943, r. à 5000 fr. 1944-68	1/10/46	4375	5080	4130
— 4 % 1945, remb. à 5000 fr. + 1946-75	4478	4950	4105
Coopératives de Consommation (Société Générale des)
4 % 1943, remb. à 5000 fr. ........... 1943-68	1/8/46	4100	4830	4000
10.000 Rach u tir	■ 22 50	1065	Damoy (Établ. J.) 3 % 1931, remb. à 1000 fr. 1932-61	Demande 1085	1091	1031
20.000 31/10	■ 25 .	1029	Docks Rémois 4 % 1943, remb. à 5000 fr. 1943-69	20/10/46	1051	975
20.000 Rach u tir	■ 93 85	4250	Entrepôts de Grenelle 3 % 1945, r. à 5000 fr. 1946-75	4260	4800	4235
Entrepôts Mobilières de Pantin 4 % 1945, remb. à
5000 fr. ......................... + 1946-75	16/7/46	5030	4175
10.000 Rach u tir	■ 93 80	4170	Glacières de Paris 4 % (cf Avis n° 17143) 1943-69	1/8/46	4100	5200	4050
5.000 Rach u tir	■ 22 50	905	Grand-Hôtel 5 % 1931, remb. à 1000 fr. 1932-61
Grands Hôtels Français 5 % 1931, remboursables à	955	1090	935
1150 fr. (Jce 1/7/46) .............. 1952-81	1000	850
16.000 Rach u tir	■100 .	4850	Grands Moulins de Paris 4 % 1942, r. à 5000 fr. 1943-72	10/9/46	4205	4990	4100
